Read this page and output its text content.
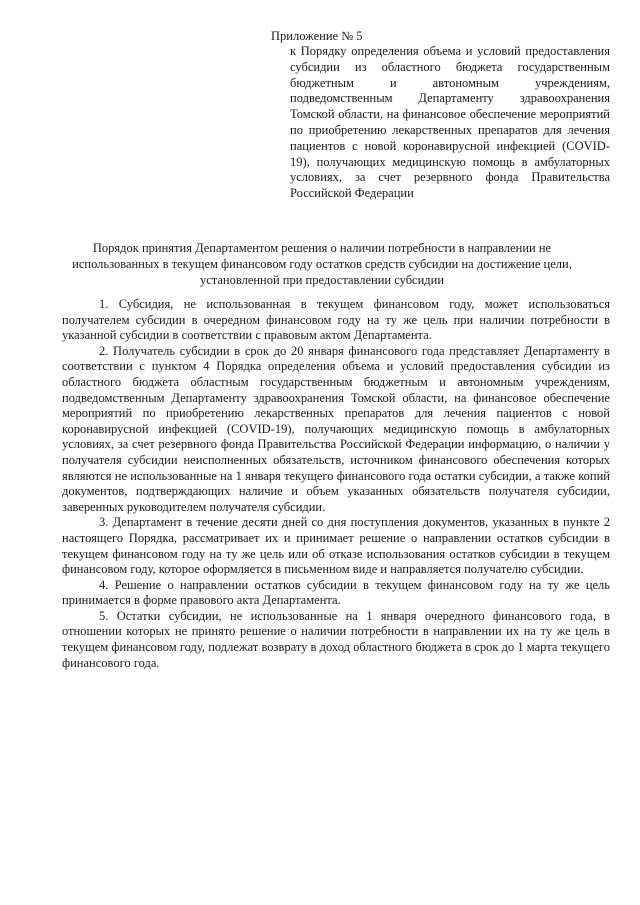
Приложение № 5

к Порядку определения объема и условий предоставления субсидии из областного бюджета государственным бюджетным и автономным учреждениям, подведомственным Департаменту здравоохранения Томской области, на финансовое обеспечение мероприятий по приобретению лекарственных препаратов для лечения пациентов с новой коронавирусной инфекцией (COVID-19), получающих медицинскую помощь в амбулаторных условиях, за счет резервного фонда Правительства Российской Федерации

Порядок принятия Департаментом решения о наличии потребности в направлении не использованных в текущем финансовом году остатков средств субсидии на достижение цели, установленной при предоставлении субсидии

1. Субсидия, не использованная в текущем финансовом году, может использоваться получателем субсидии в очередном финансовом году на ту же цель при наличии потребности в указанной субсидии в соответствии с правовым актом Департамента.

2. Получатель субсидии в срок до 20 января финансового года представляет Департаменту в соответствии с пунктом 4 Порядка определения объема и условий предоставления субсидии из областного бюджета областным государственным бюджетным и автономным учреждениям, подведомственным Департаменту здравоохранения Томской области, на финансовое обеспечение мероприятий по приобретению лекарственных препаратов для лечения пациентов с новой коронавирусной инфекцией (COVID-19), получающих медицинскую помощь в амбулаторных условиях, за счет резервного фонда Правительства Российской Федерации информацию, о наличии у получателя субсидии неисполненных обязательств, источником финансового обеспечения которых являются не использованные на 1 января текущего финансового года остатки субсидии, а также копий документов, подтверждающих наличие и объем указанных обязательств получателя субсидии, заверенных руководителем получателя субсидии.

3. Департамент в течение десяти дней со дня поступления документов, указанных в пункте 2 настоящего Порядка, рассматривает их и принимает решение о направлении остатков субсидии в текущем финансовом году на ту же цель или об отказе использования остатков субсидии в текущем финансовом году, которое оформляется в письменном виде и направляется получателю субсидии.

4. Решение о направлении остатков субсидии в текущем финансовом году на ту же цель принимается в форме правового акта Департамента.

5. Остатки субсидии, не использованные на 1 января очередного финансового года, в отношении которых не принято решение о наличии потребности в направлении их на ту же цель в текущем финансовом году, подлежат возврату в доход областного бюджета в срок до 1 марта текущего финансового года.
